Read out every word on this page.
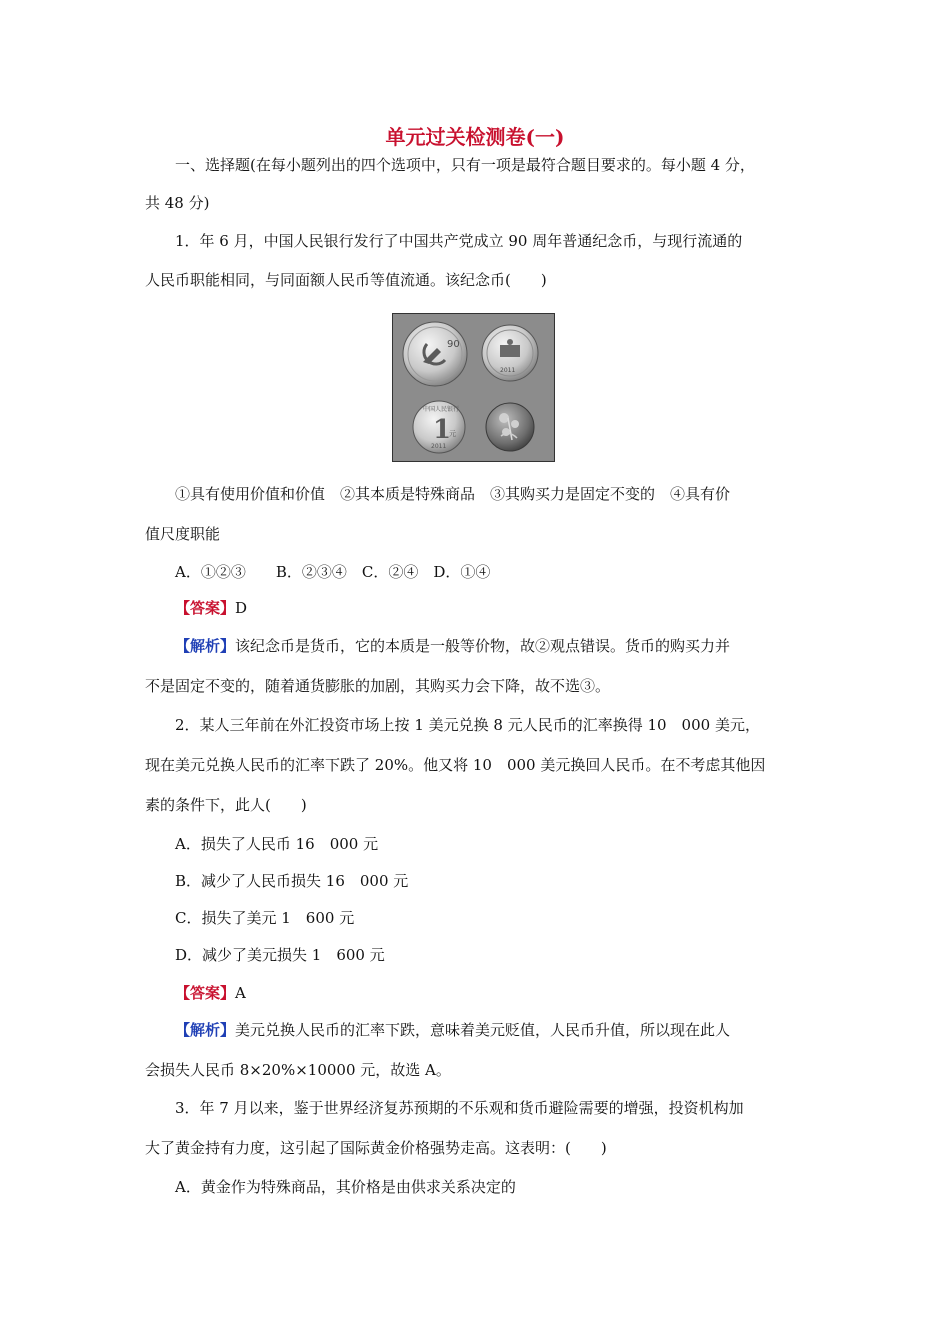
单元过关检测卷(一)
一、选择题(在每小题列出的四个选项中，只有一项是最符合题目要求的。每小题 4 分，
共 48 分)
1．年 6 月，中国人民银行发行了中国共产党成立 90 周年普通纪念币，与现行流通的
人民币职能相同，与同面额人民币等值流通。该纪念币(　　)
90
2011
中国人民银行
1
元
2011
①具有使用价值和价值　②其本质是特殊商品　③其购买力是固定不变的　④具有价
值尺度职能
A．①②③　　B．②③④　C．②④　D．①④
【答案】D
【解析】该纪念币是货币，它的本质是一般等价物，故②观点错误。货币的购买力并
不是固定不变的，随着通货膨胀的加剧，其购买力会下降，故不选③。
2．某人三年前在外汇投资市场上按 1 美元兑换 8 元人民币的汇率换得 10　000 美元，
现在美元兑换人民币的汇率下跌了 20%。他又将 10　000 美元换回人民币。在不考虑其他因
素的条件下，此人(　　)
A．损失了人民币 16　000 元
B．减少了人民币损失 16　000 元
C．损失了美元 1　600 元
D．减少了美元损失 1　600 元
【答案】A
【解析】美元兑换人民币的汇率下跌，意味着美元贬值，人民币升值，所以现在此人
会损失人民币 8×20%×10000 元，故选 A。
3．年 7 月以来，鉴于世界经济复苏预期的不乐观和货币避险需要的增强，投资机构加
大了黄金持有力度，这引起了国际黄金价格强势走高。这表明：(　　)
A．黄金作为特殊商品，其价格是由供求关系决定的
